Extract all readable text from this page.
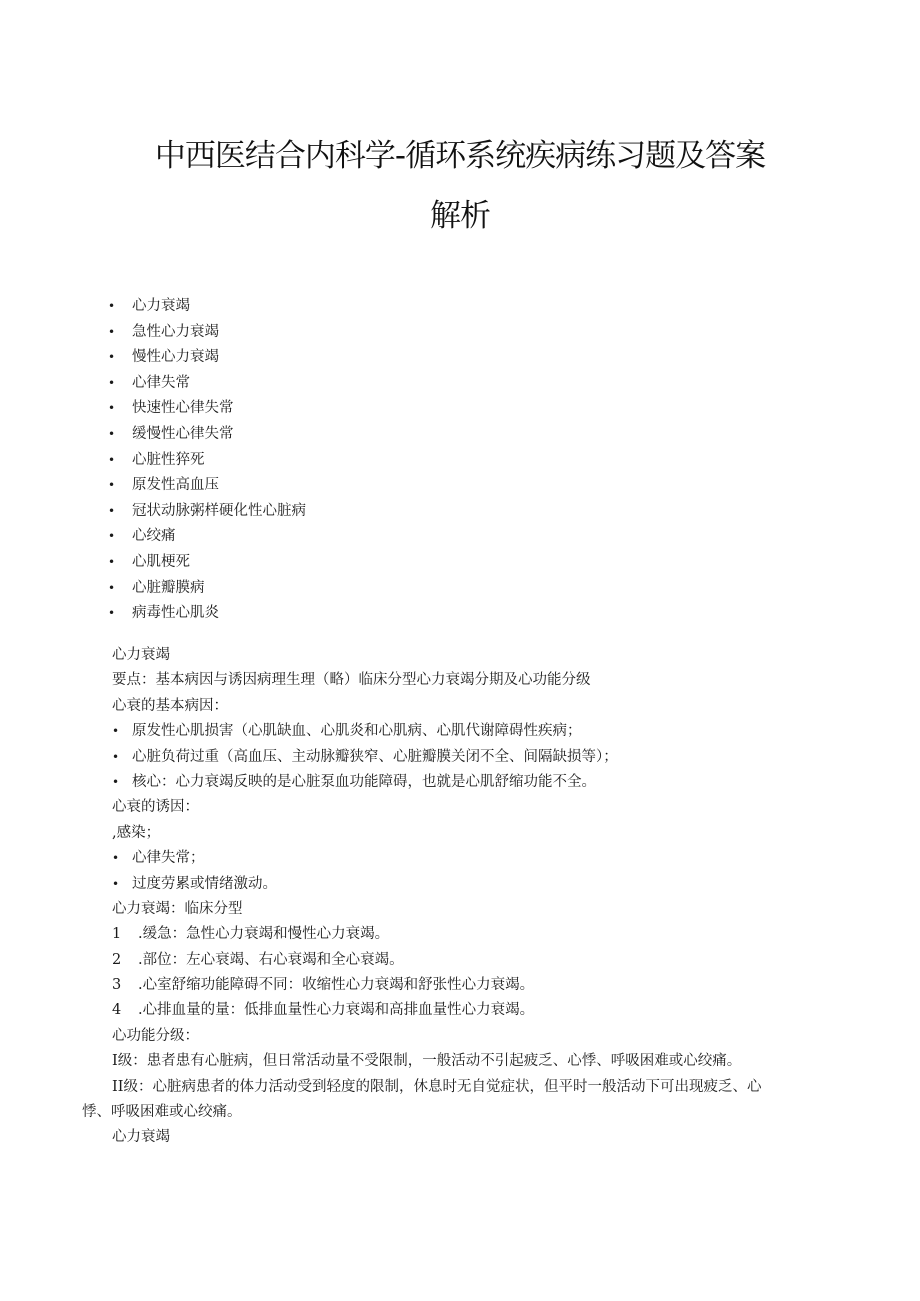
中西医结合内科学-循环系统疾病练习题及答案
解析
• 心力衰竭
• 急性心力衰竭
• 慢性心力衰竭
• 心律失常
• 快速性心律失常
• 缓慢性心律失常
• 心脏性猝死
• 原发性高血压
• 冠状动脉粥样硬化性心脏病
• 心绞痛
• 心肌梗死
• 心脏瓣膜病
• 病毒性心肌炎
心力衰竭
要点：基本病因与诱因病理生理（略）临床分型心力衰竭分期及心功能分级
心衰的基本病因：
• 原发性心肌损害（心肌缺血、心肌炎和心肌病、心肌代谢障碍性疾病；
• 心脏负荷过重（高血压、主动脉瓣狭窄、心脏瓣膜关闭不全、间隔缺损等）；
• 核心：心力衰竭反映的是心脏泵血功能障碍，也就是心肌舒缩功能不全。
心衰的诱因：
,感染；
• 心律失常；
• 过度劳累或情绪激动。
心力衰竭：临床分型
1 .缓急：急性心力衰竭和慢性心力衰竭。
2 .部位：左心衰竭、右心衰竭和全心衰竭。
3 .心室舒缩功能障碍不同：收缩性心力衰竭和舒张性心力衰竭。
4 .心排血量的量：低排血量性心力衰竭和高排血量性心力衰竭。
心功能分级：
I级：患者患有心脏病，但日常活动量不受限制，一般活动不引起疲乏、心悸、呼吸困难或心绞痛。
II级：心脏病患者的体力活动受到轻度的限制，休息时无自觉症状，但平时一般活动下可出现疲乏、心
悸、呼吸困难或心绞痛。
心力衰竭
